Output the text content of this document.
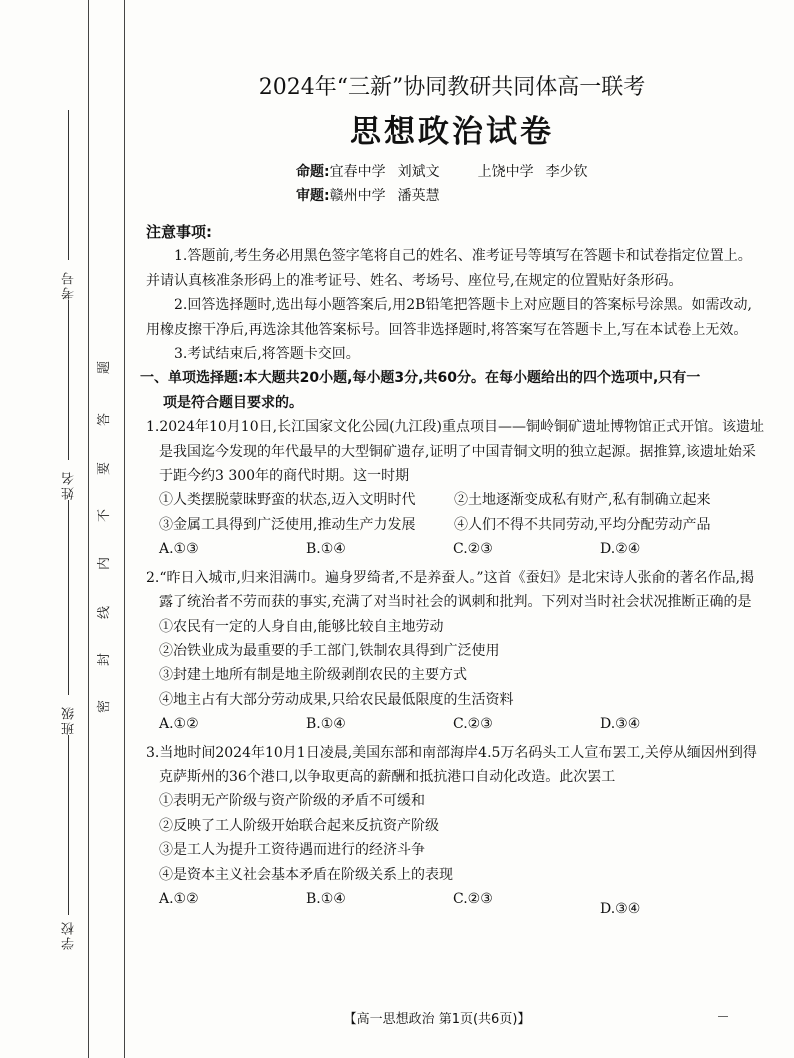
考号
姓名
班级
学校
题
答
要
不
内
线
封
密
2024年“三新”协同教研共同体高一联考
思想政治试卷
命题:宜春中学 刘斌文	上饶中学 李少钦
审题:赣州中学 潘英慧

注意事项:

1.答题前,考生务必用黑色签字笔将自己的姓名、准考证号等填写在答题卡和试卷指定位置上。并请认真核准条形码上的准考证号、姓名、考场号、座位号,在规定的位置贴好条形码。

2.回答选择题时,选出每小题答案后,用2B铅笔把答题卡上对应题目的答案标号涂黑。如需改动,用橡皮擦干净后,再选涂其他答案标号。回答非选择题时,将答案写在答题卡上,写在本试卷上无效。

3.考试结束后,将答题卡交回。

一、单项选择题:本大题共20小题,每小题3分,共60分。在每小题给出的四个选项中,只有一

项是符合题目要求的。

1.2024年10月10日,长江国家文化公园(九江段)重点项目——铜岭铜矿遗址博物馆正式开馆。该遗址是我国迄今发现的年代最早的大型铜矿遗存,证明了中国青铜文明的独立起源。据推算,该遗址始采于距今约3 300年的商代时期。这一时期

①人类摆脱蒙昧野蛮的状态,迈入文明时代	②土地逐渐变成私有财产,私有制确立起来
③金属工具得到广泛使用,推动生产力发展	④人们不得不共同劳动,平均分配劳动产品
A.①③	B.①④	C.②③	D.②④

2.“昨日入城市,归来泪满巾。遍身罗绮者,不是养蚕人。”这首《蚕妇》是北宋诗人张俞的著名作品,揭露了统治者不劳而获的事实,充满了对当时社会的讽刺和批判。下列对当时社会状况推断正确的是

①农民有一定的人身自由,能够比较自主地劳动

②冶铁业成为最重要的手工部门,铁制农具得到广泛使用

③封建土地所有制是地主阶级剥削农民的主要方式

④地主占有大部分劳动成果,只给农民最低限度的生活资料

A.①②	B.①④	C.②③	D.③④

3.当地时间2024年10月1日凌晨,美国东部和南部海岸4.5万名码头工人宣布罢工,关停从缅因州到得克萨斯州的36个港口,以争取更高的薪酬和抵抗港口自动化改造。此次罢工

①表明无产阶级与资产阶级的矛盾不可缓和

②反映了工人阶级开始联合起来反抗资产阶级

③是工人为提升工资待遇而进行的经济斗争

④是资本主义社会基本矛盾在阶级关系上的表现

A.①②	B.①④	C.②③
D.③④
【高一思想政治 第1页(共6页)】
